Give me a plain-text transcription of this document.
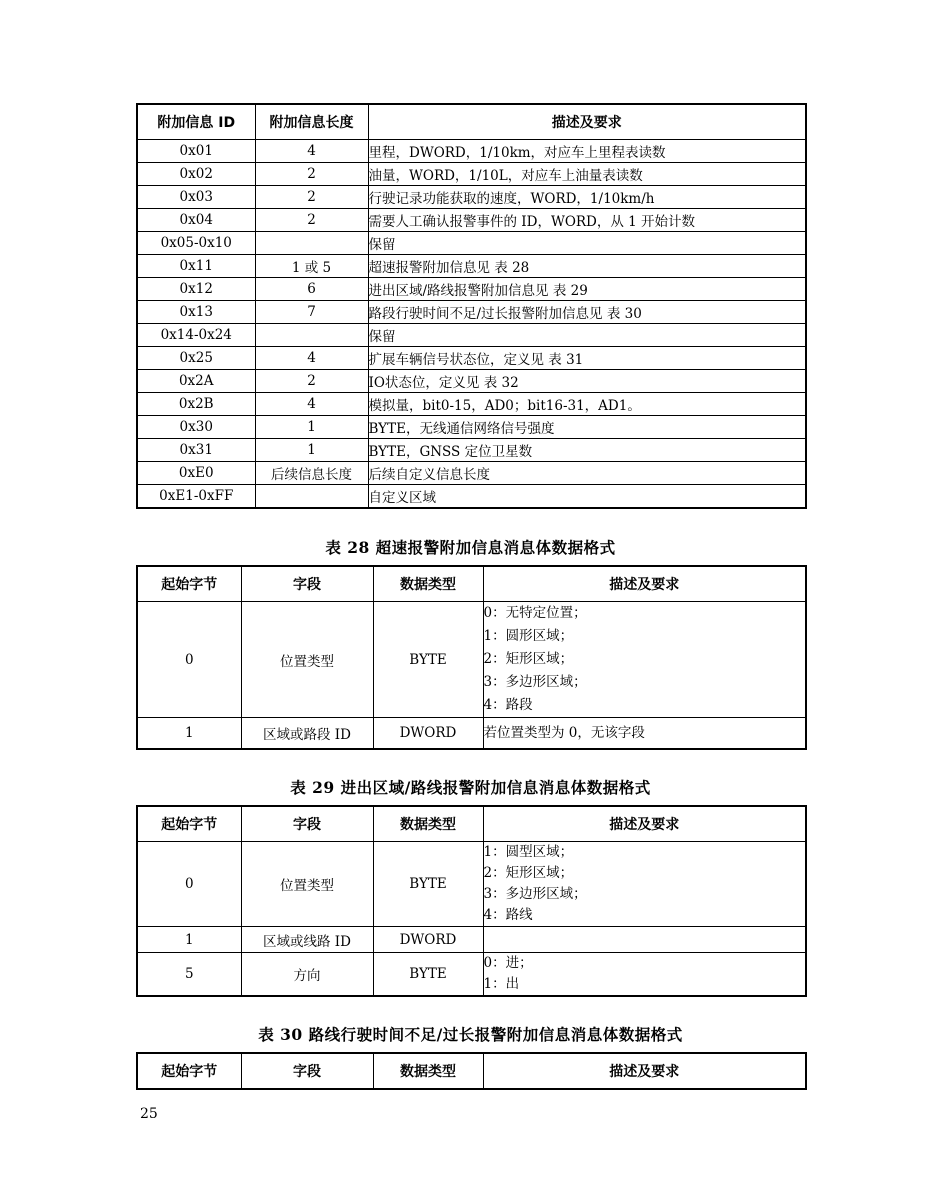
附加信息 ID	附加信息长度	描述及要求
0x01	4	里程，DWORD，1/10km，对应车上里程表读数
0x02	2	油量，WORD，1/10L，对应车上油量表读数
0x03	2	行驶记录功能获取的速度，WORD，1/10km/h
0x04	2	需要人工确认报警事件的 ID，WORD，从 1 开始计数
0x05-0x10		保留
0x11	1 或 5	超速报警附加信息见 表 28
0x12	6	进出区域/路线报警附加信息见 表 29
0x13	7	路段行驶时间不足/过长报警附加信息见 表 30
0x14-0x24		保留
0x25	4	扩展车辆信号状态位，定义见 表 31
0x2A	2	IO状态位，定义见 表 32
0x2B	4	模拟量，bit0-15，AD0；bit16-31，AD1。
0x30	1	BYTE，无线通信网络信号强度
0x31	1	BYTE，GNSS 定位卫星数
0xE0	后续信息长度	后续自定义信息长度
0xE1-0xFF		自定义区域
表 28 超速报警附加信息消息体数据格式
起始字节	字段	数据类型	描述及要求
0	位置类型	BYTE	0：无特定位置；
1：圆形区域；
2：矩形区域；
3：多边形区域；
4：路段

1	区域或路段 ID	DWORD	若位置类型为 0，无该字段
表 29 进出区域/路线报警附加信息消息体数据格式
起始字节	字段	数据类型	描述及要求
0	位置类型	BYTE	1：圆型区域；
2：矩形区域；
3：多边形区域；
4：路线

1	区域或线路 ID	DWORD	
5	方向	BYTE	0：进；
1：出
表 30 路线行驶时间不足/过长报警附加信息消息体数据格式
起始字节	字段	数据类型	描述及要求
25
